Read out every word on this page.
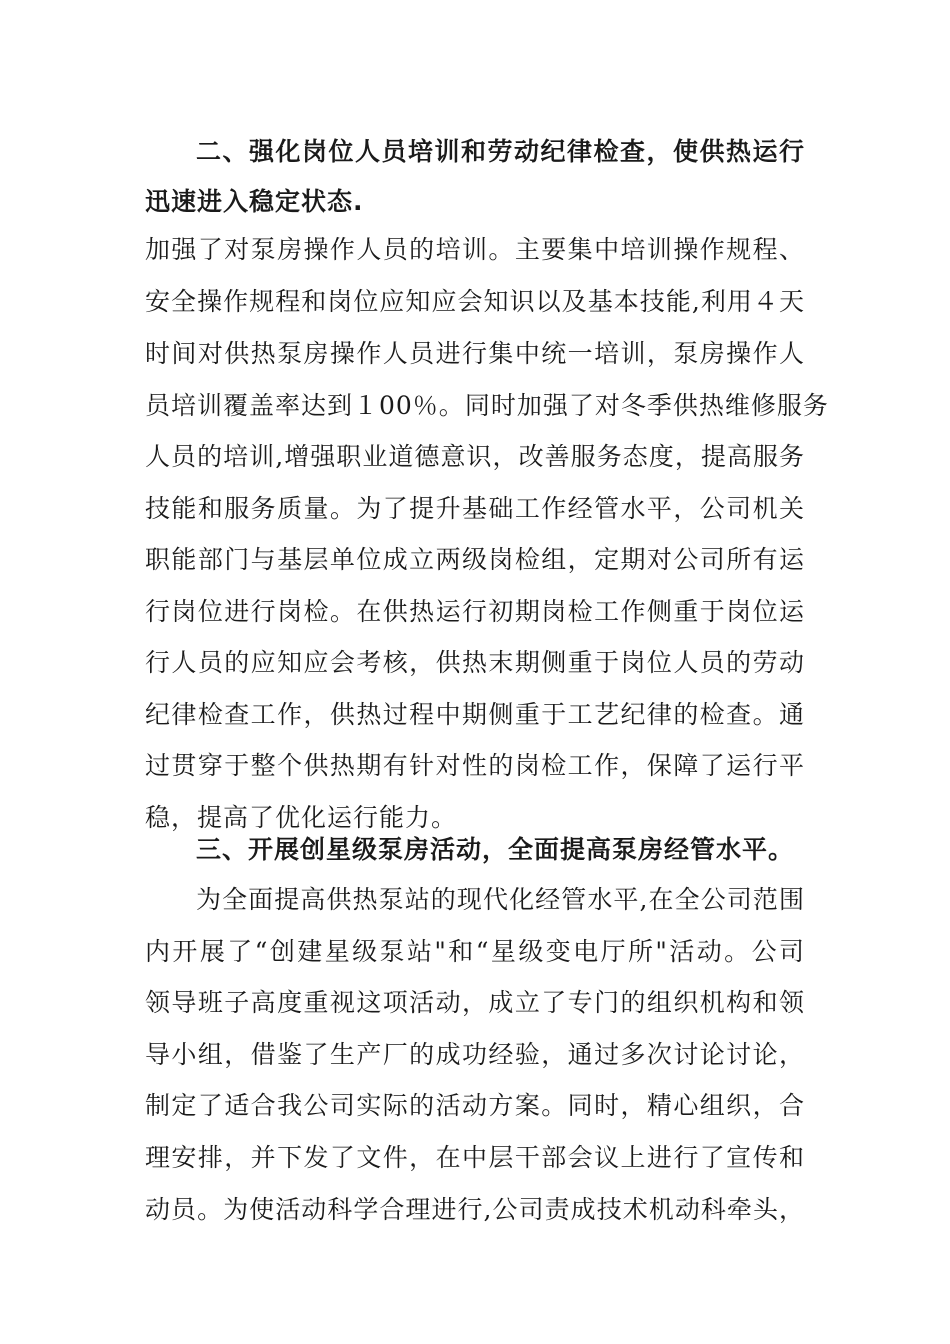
二、强化岗位人员培训和劳动纪律检查，使供热运行
迅速进入稳定状态.
加强了对泵房操作人员的培训。主要集中培训操作规程、
安全操作规程和岗位应知应会知识以及基本技能,利用４天
时间对供热泵房操作人员进行集中统一培训，泵房操作人
员培训覆盖率达到１00％。同时加强了对冬季供热维修服务
人员的培训,增强职业道德意识，改善服务态度，提高服务
技能和服务质量。为了提升基础工作经管水平，公司机关
职能部门与基层单位成立两级岗检组，定期对公司所有运
行岗位进行岗检。在供热运行初期岗检工作侧重于岗位运
行人员的应知应会考核，供热末期侧重于岗位人员的劳动
纪律检查工作，供热过程中期侧重于工艺纪律的检查。通
过贯穿于整个供热期有针对性的岗检工作，保障了运行平
稳，提高了优化运行能力。
三、开展创星级泵房活动，全面提高泵房经管水平。
为全面提高供热泵站的现代化经管水平,在全公司范围
内开展了“创建星级泵站"和“星级变电厅所"活动。公司
领导班子高度重视这项活动，成立了专门的组织机构和领
导小组，借鉴了生产厂的成功经验，通过多次讨论讨论，
制定了适合我公司实际的活动方案。同时，精心组织，合
理安排，并下发了文件，在中层干部会议上进行了宣传和
动员。为使活动科学合理进行,公司责成技术机动科牵头，
